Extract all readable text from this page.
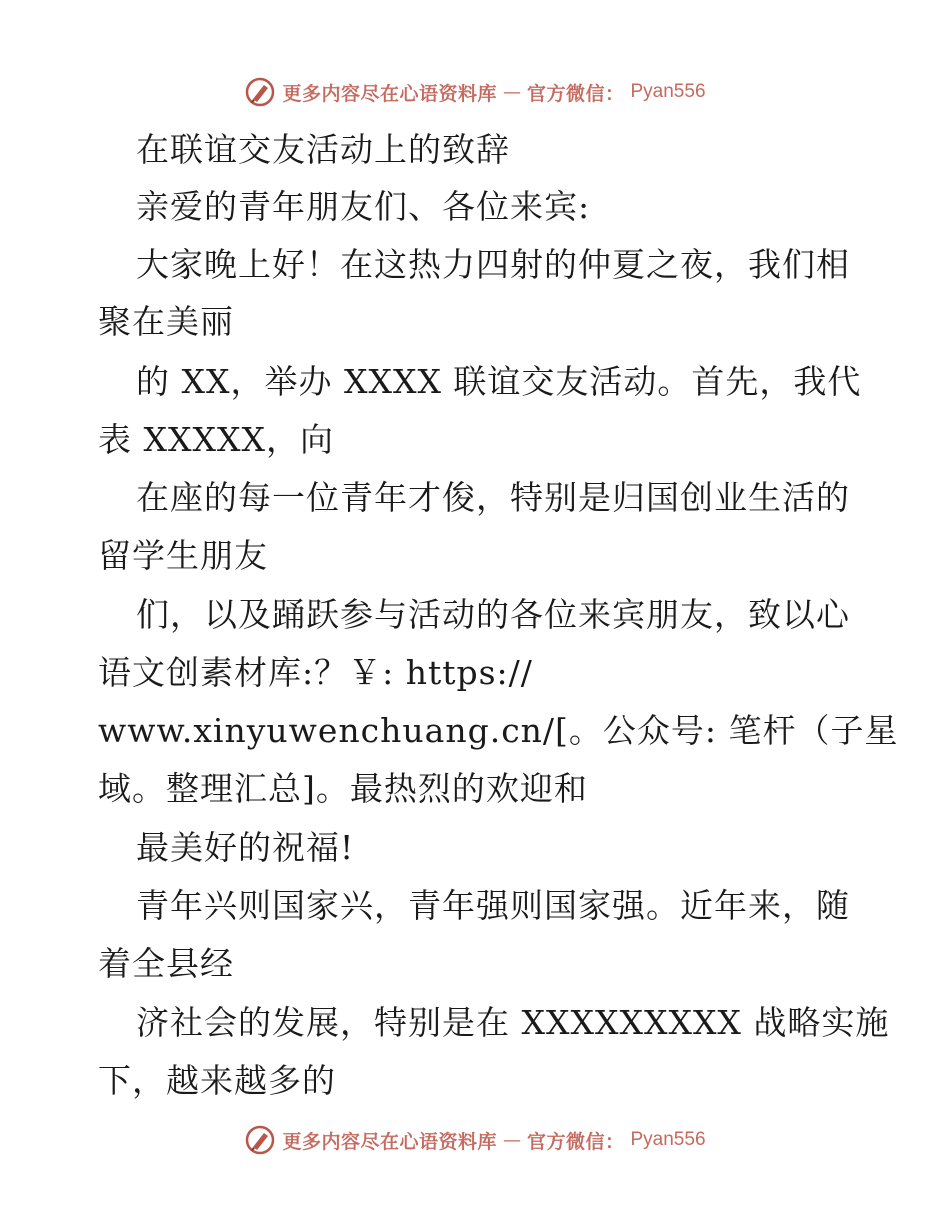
更多内容尽在心语资料库 — 官方微信： Pyan556
在联谊交友活动上的致辞
亲爱的青年朋友们、各位来宾:
大家晚上好！在这热力四射的仲夏之夜，我们相
聚在美丽
的 XX，举办 XXXX 联谊交友活动。首先，我代
表 XXXXX，向
在座的每一位青年才俊，特别是归国创业生活的
留学生朋友
们，以及踊跃参与活动的各位来宾朋友，致以心
语文创素材库:？￥: https://
www.xinyuwenchuang.cn/[。公众号: 笔杆（子星
域。整理汇总]。最热烈的欢迎和
最美好的祝福!
青年兴则国家兴，青年强则国家强。近年来，随
着全县经
济社会的发展，特别是在 XXXXXXXXX 战略实施
下，越来越多的
更多内容尽在心语资料库 — 官方微信： Pyan556
